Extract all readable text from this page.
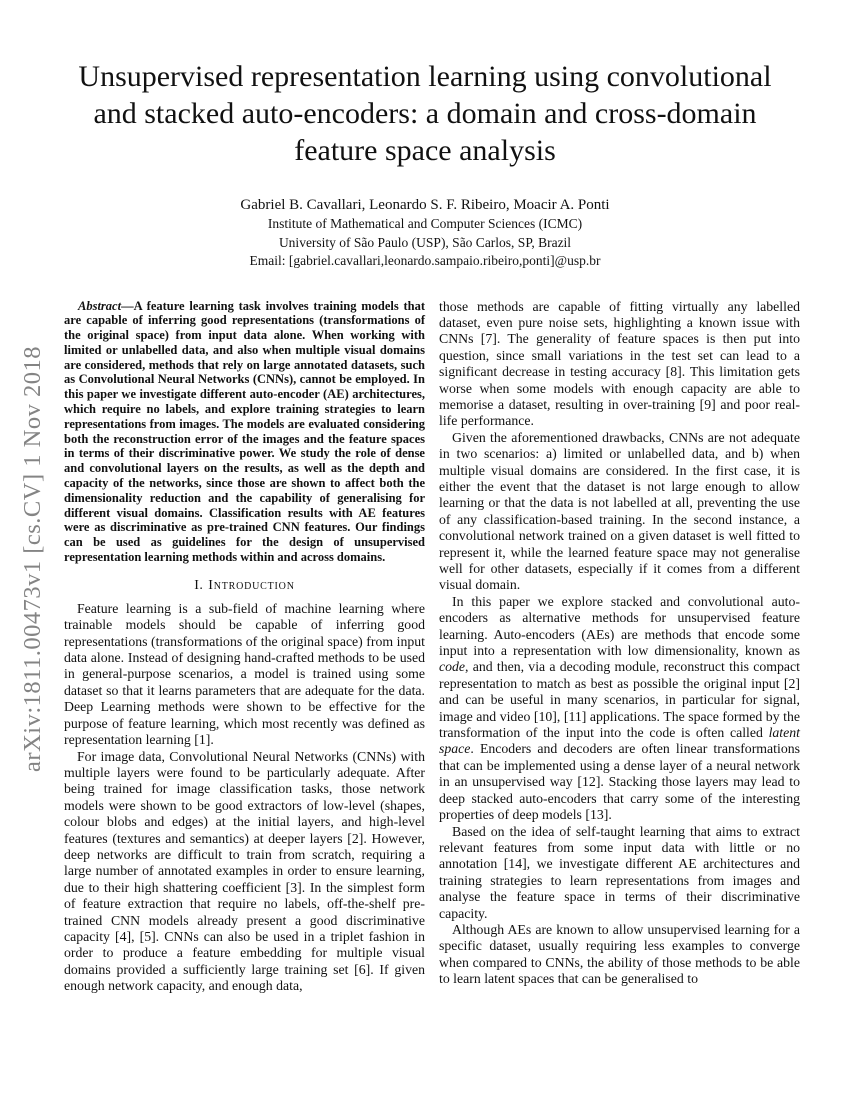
arXiv:1811.00473v1 [cs.CV] 1 Nov 2018
Unsupervised representation learning using convolutional and stacked auto-encoders: a domain and cross-domain feature space analysis
Gabriel B. Cavallari, Leonardo S. F. Ribeiro, Moacir A. Ponti
Institute of Mathematical and Computer Sciences (ICMC)
University of São Paulo (USP), São Carlos, SP, Brazil
Email: [gabriel.cavallari,leonardo.sampaio.ribeiro,ponti]@usp.br

Abstract—A feature learning task involves training models that are capable of inferring good representations (transformations of the original space) from input data alone. When working with limited or unlabelled data, and also when multiple visual domains are considered, methods that rely on large annotated datasets, such as Convolutional Neural Networks (CNNs), cannot be employed. In this paper we investigate different auto-encoder (AE) architectures, which require no labels, and explore training strategies to learn representations from images. The models are evaluated considering both the reconstruction error of the images and the feature spaces in terms of their discriminative power. We study the role of dense and convolutional layers on the results, as well as the depth and capacity of the networks, since those are shown to affect both the dimensionality reduction and the capability of generalising for different visual domains. Classification results with AE features were as discriminative as pre-trained CNN features. Our findings can be used as guidelines for the design of unsupervised representation learning methods within and across domains.

I. Introduction

Feature learning is a sub-field of machine learning where trainable models should be capable of inferring good representations (transformations of the original space) from input data alone. Instead of designing hand-crafted methods to be used in general-purpose scenarios, a model is trained using some dataset so that it learns parameters that are adequate for the data. Deep Learning methods were shown to be effective for the purpose of feature learning, which most recently was defined as representation learning [1].

For image data, Convolutional Neural Networks (CNNs) with multiple layers were found to be particularly adequate. After being trained for image classification tasks, those network models were shown to be good extractors of low-level (shapes, colour blobs and edges) at the initial layers, and high-level features (textures and semantics) at deeper layers [2]. However, deep networks are difficult to train from scratch, requiring a large number of annotated examples in order to ensure learning, due to their high shattering coefficient [3]. In the simplest form of feature extraction that require no labels, off-the-shelf pre-trained CNN models already present a good discriminative capacity [4], [5]. CNNs can also be used in a triplet fashion in order to produce a feature embedding for multiple visual domains provided a sufficiently large training set [6]. If given enough network capacity, and enough data,

those methods are capable of fitting virtually any labelled dataset, even pure noise sets, highlighting a known issue with CNNs [7]. The generality of feature spaces is then put into question, since small variations in the test set can lead to a significant decrease in testing accuracy [8]. This limitation gets worse when some models with enough capacity are able to memorise a dataset, resulting in over-training [9] and poor real-life performance.

Given the aforementioned drawbacks, CNNs are not adequate in two scenarios: a) limited or unlabelled data, and b) when multiple visual domains are considered. In the first case, it is either the event that the dataset is not large enough to allow learning or that the data is not labelled at all, preventing the use of any classification-based training. In the second instance, a convolutional network trained on a given dataset is well fitted to represent it, while the learned feature space may not generalise well for other datasets, especially if it comes from a different visual domain.

In this paper we explore stacked and convolutional auto-encoders as alternative methods for unsupervised feature learning. Auto-encoders (AEs) are methods that encode some input into a representation with low dimensionality, known as code, and then, via a decoding module, reconstruct this compact representation to match as best as possible the original input [2] and can be useful in many scenarios, in particular for signal, image and video [10], [11] applications. The space formed by the transformation of the input into the code is often called latent space. Encoders and decoders are often linear transformations that can be implemented using a dense layer of a neural network in an unsupervised way [12]. Stacking those layers may lead to deep stacked auto-encoders that carry some of the interesting properties of deep models [13].

Based on the idea of self-taught learning that aims to extract relevant features from some input data with little or no annotation [14], we investigate different AE architectures and training strategies to learn representations from images and analyse the feature space in terms of their discriminative capacity.

Although AEs are known to allow unsupervised learning for a specific dataset, usually requiring less examples to converge when compared to CNNs, the ability of those methods to be able to learn latent spaces that can be generalised to
